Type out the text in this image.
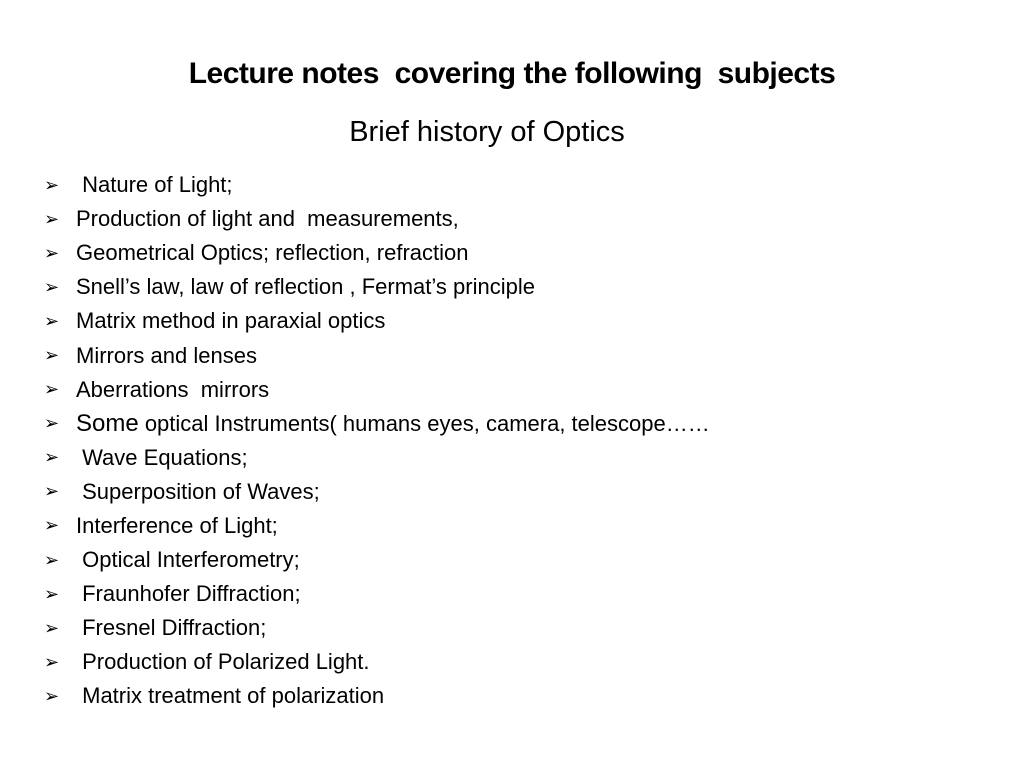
Lecture notes  covering the following  subjects
Brief history of Optics
➢ Nature of Light;
➢ Production of light and  measurements,
➢ Geometrical Optics; reflection, refraction
➢ Snell’s law, law of reflection , Fermat’s principle
➢ Matrix method in paraxial optics
➢ Mirrors and lenses
➢ Aberrations  mirrors
➢ Some optical Instruments( humans eyes, camera, telescope……
➢ Wave Equations;
➢ Superposition of Waves;
➢ Interference of Light;
➢ Optical Interferometry;
➢ Fraunhofer Diffraction;
➢ Fresnel Diffraction;
➢ Production of Polarized Light.
➢ Matrix treatment of polarization
